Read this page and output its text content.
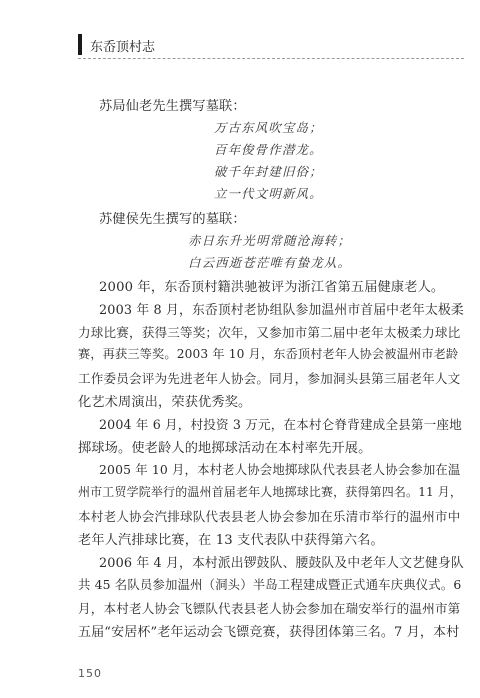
东岙顶村志
苏局仙老先生撰写墓联：
万古东风吹宝岛；
百年俊骨作潜龙。
破千年封建旧俗；
立一代文明新风。
苏健侯先生撰写的墓联：
赤日东升光明常随沧海转；
白云西逝苍茫唯有蛰龙从。
2000 年，东岙顶村籍洪驰被评为浙江省第五届健康老人。
2003 年 8 月，东岙顶村老协组队参加温州市首届中老年太极柔
力球比赛，获得三等奖；次年，又参加市第二届中老年太极柔力球比
赛，再获三等奖。2003 年 10 月，东岙顶村老年人协会被温州市老龄
工作委员会评为先进老年人协会。同月，参加洞头县第三届老年人文
化艺术周演出，荣获优秀奖。
2004 年 6 月，村投资 3 万元，在本村仑脊背建成全县第一座地
掷球场。使老龄人的地掷球活动在本村率先开展。
2005 年 10 月，本村老人协会地掷球队代表县老人协会参加在温
州市工贸学院举行的温州首届老年人地掷球比赛，获得第四名。11 月，
本村老人协会汽排球队代表县老人协会参加在乐清市举行的温州市中
老年人汽排球比赛，在 13 支代表队中获得第六名。
2006 年 4 月，本村派出锣鼓队、腰鼓队及中老年人文艺健身队
共 45 名队员参加温州（洞头）半岛工程建成暨正式通车庆典仪式。6
月，本村老人协会飞镖队代表县老人协会参加在瑞安举行的温州市第
五届“安居杯”老年运动会飞镖竞赛，获得团体第三名。7 月，本村
150
